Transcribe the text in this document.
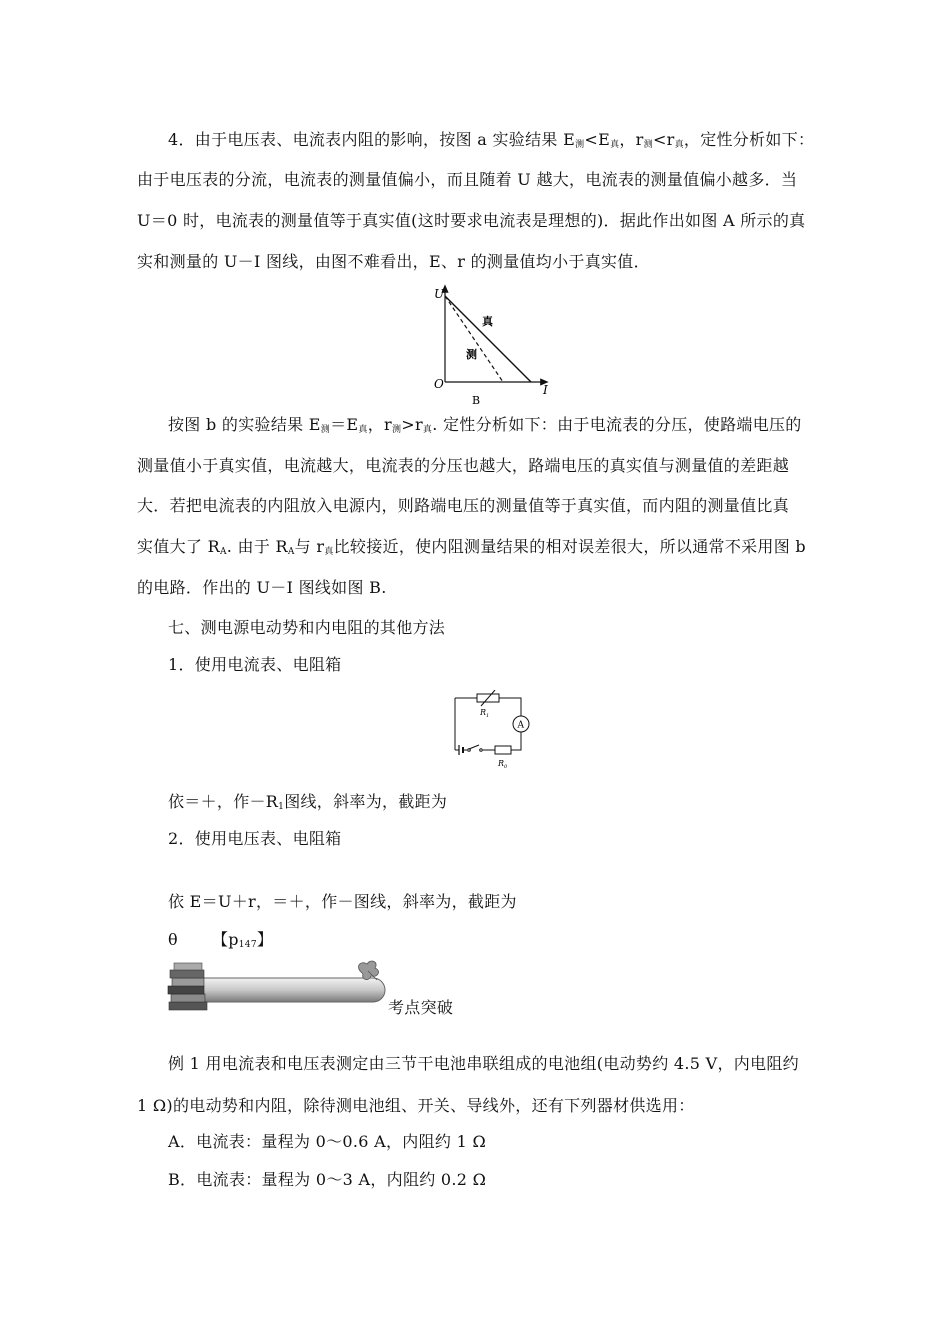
4．由于电压表、电流表内阻的影响，按图 a 实验结果 $E_测<E_真$，$r_测<r_真$，定性分析如下：
由于电压表的分流，电流表的测量值偏小，而且随着 U 越大，电流表的测量值偏小越多．当
U＝0 时，电流表的测量值等于真实值(这时要求电流表是理想的)．据此作出如图 A 所示的真
实和测量的 U－I 图线，由图不难看出，E、r 的测量值均小于真实值．
U
I
O
真
测
B
按图 b 的实验结果 $E_测=E_真$，$r_测>r_真$. 定性分析如下：由于电流表的分压，使路端电压的
测量值小于真实值，电流越大，电流表的分压也越大，路端电压的真实值与测量值的差距越
大．若把电流表的内阻放入电源内，则路端电压的测量值等于真实值，而内阻的测量值比真
实值大了 $R_A$. 由于 $R_A$与 $r_真$比较接近，使内阻测量结果的相对误差很大，所以通常不采用图 b
的电路．作出的 U－I 图线如图 B.
七、测电源电动势和内电阻的其他方法
1．使用电流表、电阻箱
$R_1$
A
$R_0$
依＝＋，作$-R_1$图线，斜率为，截距为
2．使用电压表、电阻箱
依 E＝U＋r，＝＋，作－图线，斜率为，截距为
θ 【$p_{147}$】
考点突破
例 1 用电流表和电压表测定由三节干电池串联组成的电池组(电动势约 4.5 V，内电阻约
1 Ω)的电动势和内阻，除待测电池组、开关、导线外，还有下列器材供选用：
A．电流表：量程为 0～0.6 A，内阻约 1 Ω
B．电流表：量程为 0～3 A，内阻约 0.2 Ω
